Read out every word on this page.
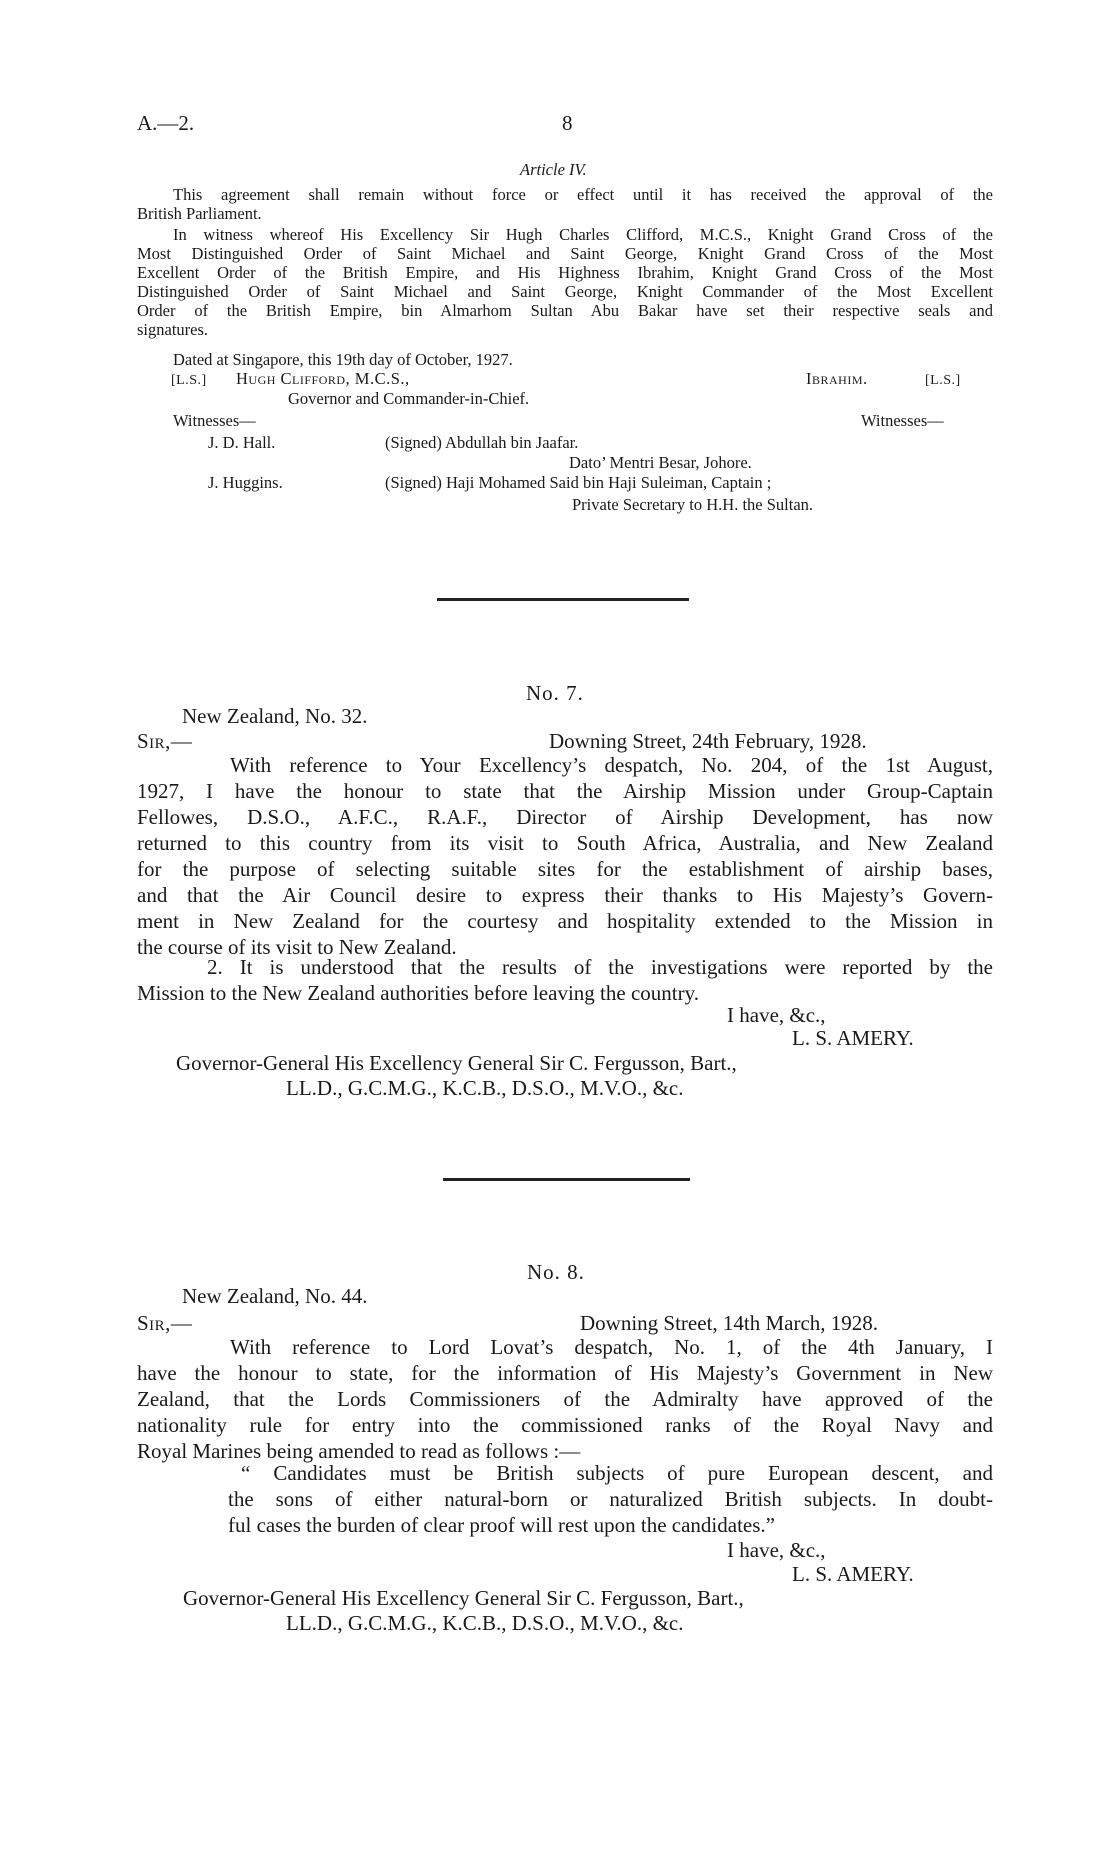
A.—2.	8
Article IV.
This agreement shall remain without force or effect until it has received the approval of the
British Parliament.
In witness whereof His Excellency Sir Hugh Charles Clifford, M.C.S., Knight Grand Cross of the
Most Distinguished Order of Saint Michael and Saint George, Knight Grand Cross of the Most
Excellent Order of the British Empire, and His Highness Ibrahim, Knight Grand Cross of the Most
Distinguished Order of Saint Michael and Saint George, Knight Commander of the Most Excellent
Order of the British Empire, bin Almarhom Sultan Abu Bakar have set their respective seals and
signatures.
Dated at Singapore, this 19th day of October, 1927.
[L.S.] Hugh Clifford, M.C.S.,	Ibrahim.	[L.S.]
Governor and Commander-in-Chief.
Witnesses—	Witnesses—
J. D. Hall.	(Signed) Abdullah bin Jaafar.
Dato’ Mentri Besar, Johore.
J. Huggins.	(Signed) Haji Mohamed Said bin Haji Suleiman, Captain ;
Private Secretary to H.H. the Sultan.
No. 7.
New Zealand, No. 32.
Sir,—	Downing Street, 24th February, 1928.
With reference to Your Excellency’s despatch, No. 204, of the 1st August,
1927, I have the honour to state that the Airship Mission under Group-Captain
Fellowes, D.S.O., A.F.C., R.A.F., Director of Airship Development, has now
returned to this country from its visit to South Africa, Australia, and New Zealand
for the purpose of selecting suitable sites for the establishment of airship bases,
and that the Air Council desire to express their thanks to His Majesty’s Govern-
ment in New Zealand for the courtesy and hospitality extended to the Mission in
the course of its visit to New Zealand.
2. It is understood that the results of the investigations were reported by the
Mission to the New Zealand authorities before leaving the country.
I have, &c.,
L. S. AMERY.
Governor-General His Excellency General Sir C. Fergusson, Bart.,
LL.D., G.C.M.G., K.C.B., D.S.O., M.V.O., &c.
No. 8.
New Zealand, No. 44.
Sir,—	Downing Street, 14th March, 1928.
With reference to Lord Lovat’s despatch, No. 1, of the 4th January, I
have the honour to state, for the information of His Majesty’s Government in New
Zealand, that the Lords Commissioners of the Admiralty have approved of the
nationality rule for entry into the commissioned ranks of the Royal Navy and
Royal Marines being amended to read as follows :—
“ Candidates must be British subjects of pure European descent, and
the sons of either natural-born or naturalized British subjects. In doubt-
ful cases the burden of clear proof will rest upon the candidates.”
I have, &c.,
L. S. AMERY.
Governor-General His Excellency General Sir C. Fergusson, Bart.,
LL.D., G.C.M.G., K.C.B., D.S.O., M.V.O., &c.
